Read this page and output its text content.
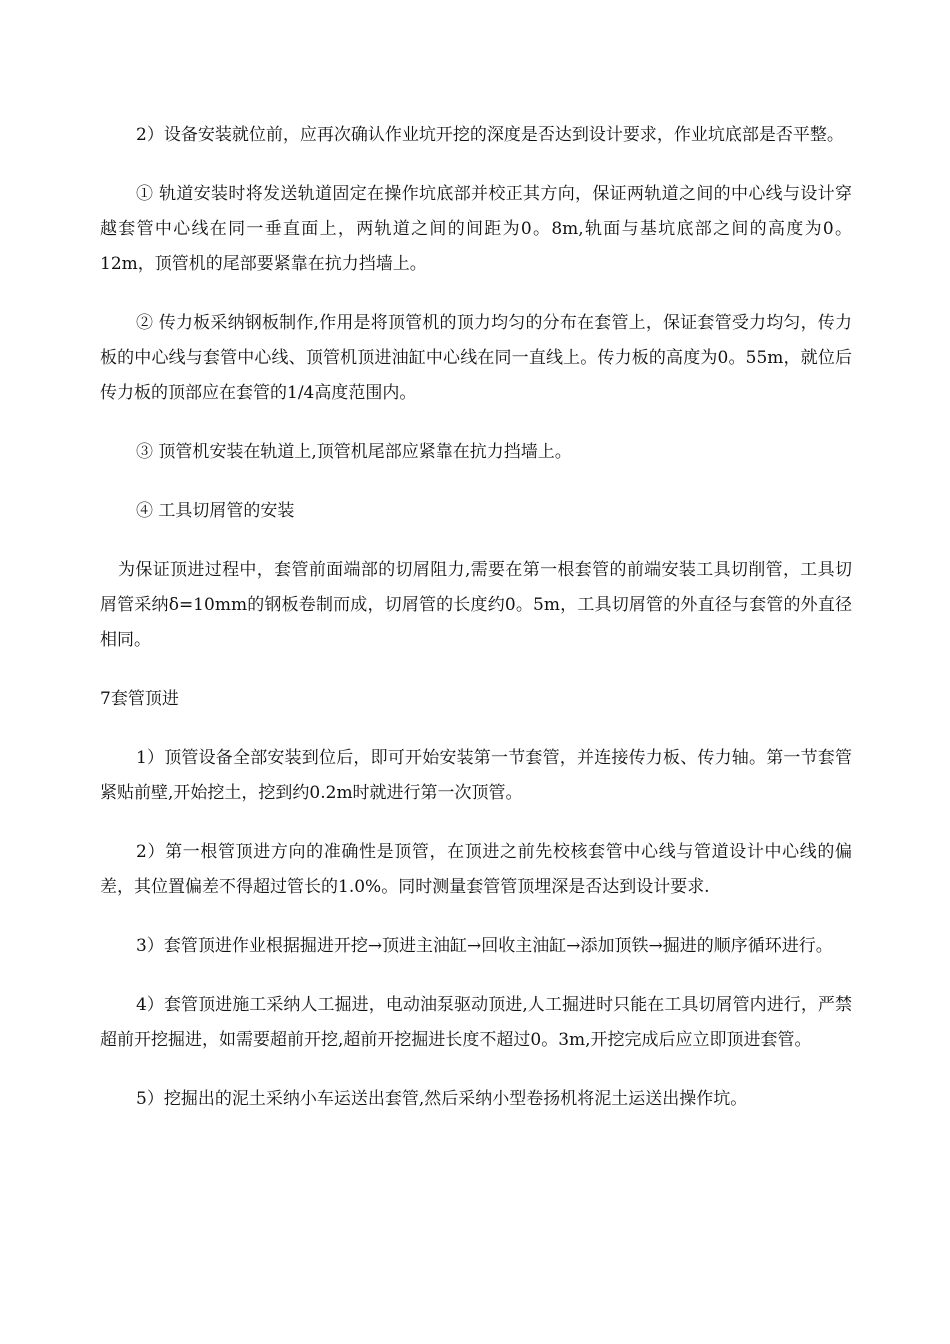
2）设备安装就位前，应再次确认作业坑开挖的深度是否达到设计要求，作业坑底部是否平整。

① 轨道安装时将发送轨道固定在操作坑底部并校正其方向，保证两轨道之间的中心线与设计穿越套管中心线在同一垂直面上，两轨道之间的间距为0。8m,轨面与基坑底部之间的高度为0。12m，顶管机的尾部要紧靠在抗力挡墙上。

② 传力板采纳钢板制作,作用是将顶管机的顶力均匀的分布在套管上，保证套管受力均匀，传力板的中心线与套管中心线、顶管机顶进油缸中心线在同一直线上。传力板的高度为0。55m，就位后传力板的顶部应在套管的1/4高度范围内。

③ 顶管机安装在轨道上,顶管机尾部应紧靠在抗力挡墙上。

④ 工具切屑管的安装

为保证顶进过程中，套管前面端部的切屑阻力,需要在第一根套管的前端安装工具切削管，工具切屑管采纳δ=10mm的钢板卷制而成，切屑管的长度约0。5m，工具切屑管的外直径与套管的外直径相同。

7套管顶进

1）顶管设备全部安装到位后，即可开始安装第一节套管，并连接传力板、传力轴。第一节套管紧贴前壁,开始挖土，挖到约0.2m时就进行第一次顶管。

2）第一根管顶进方向的准确性是顶管，在顶进之前先校核套管中心线与管道设计中心线的偏差，其位置偏差不得超过管长的1.0%。同时测量套管管顶埋深是否达到设计要求.

3）套管顶进作业根据掘进开挖→顶进主油缸→回收主油缸→添加顶铁→掘进的顺序循环进行。

4）套管顶进施工采纳人工掘进，电动油泵驱动顶进,人工掘进时只能在工具切屑管内进行，严禁超前开挖掘进，如需要超前开挖,超前开挖掘进长度不超过0。3m,开挖完成后应立即顶进套管。

5）挖掘出的泥土采纳小车运送出套管,然后采纳小型卷扬机将泥土运送出操作坑。
